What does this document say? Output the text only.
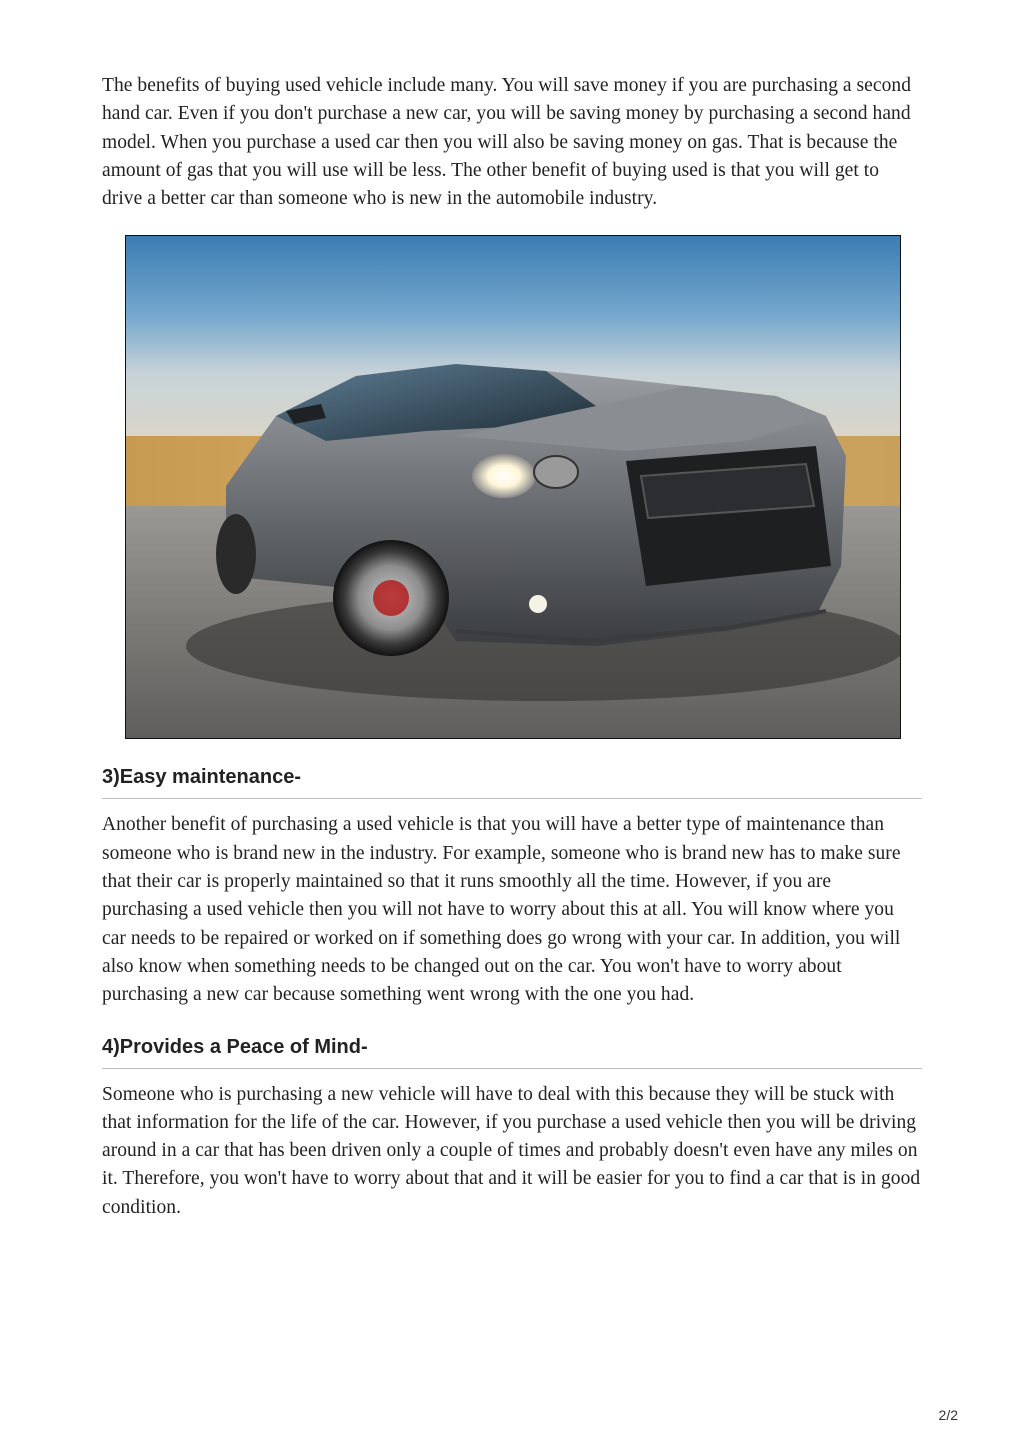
The benefits of buying used vehicle include many. You will save money if you are purchasing a second hand car. Even if you don't purchase a new car, you will be saving money by purchasing a second hand model. When you purchase a used car then you will also be saving money on gas. That is because the amount of gas that you will use will be less. The other benefit of buying used is that you will get to drive a better car than someone who is new in the automobile industry.

3)Easy maintenance-

Another benefit of purchasing a used vehicle is that you will have a better type of maintenance than someone who is brand new in the industry. For example, someone who is brand new has to make sure that their car is properly maintained so that it runs smoothly all the time. However, if you are purchasing a used vehicle then you will not have to worry about this at all. You will know where you car needs to be repaired or worked on if something does go wrong with your car. In addition, you will also know when something needs to be changed out on the car. You won't have to worry about purchasing a new car because something went wrong with the one you had.

4)Provides a Peace of Mind-

Someone who is purchasing a new vehicle will have to deal with this because they will be stuck with that information for the life of the car. However, if you purchase a used vehicle then you will be driving around in a car that has been driven only a couple of times and probably doesn't even have any miles on it. Therefore, you won't have to worry about that and it will be easier for you to find a car that is in good condition.

2/2
